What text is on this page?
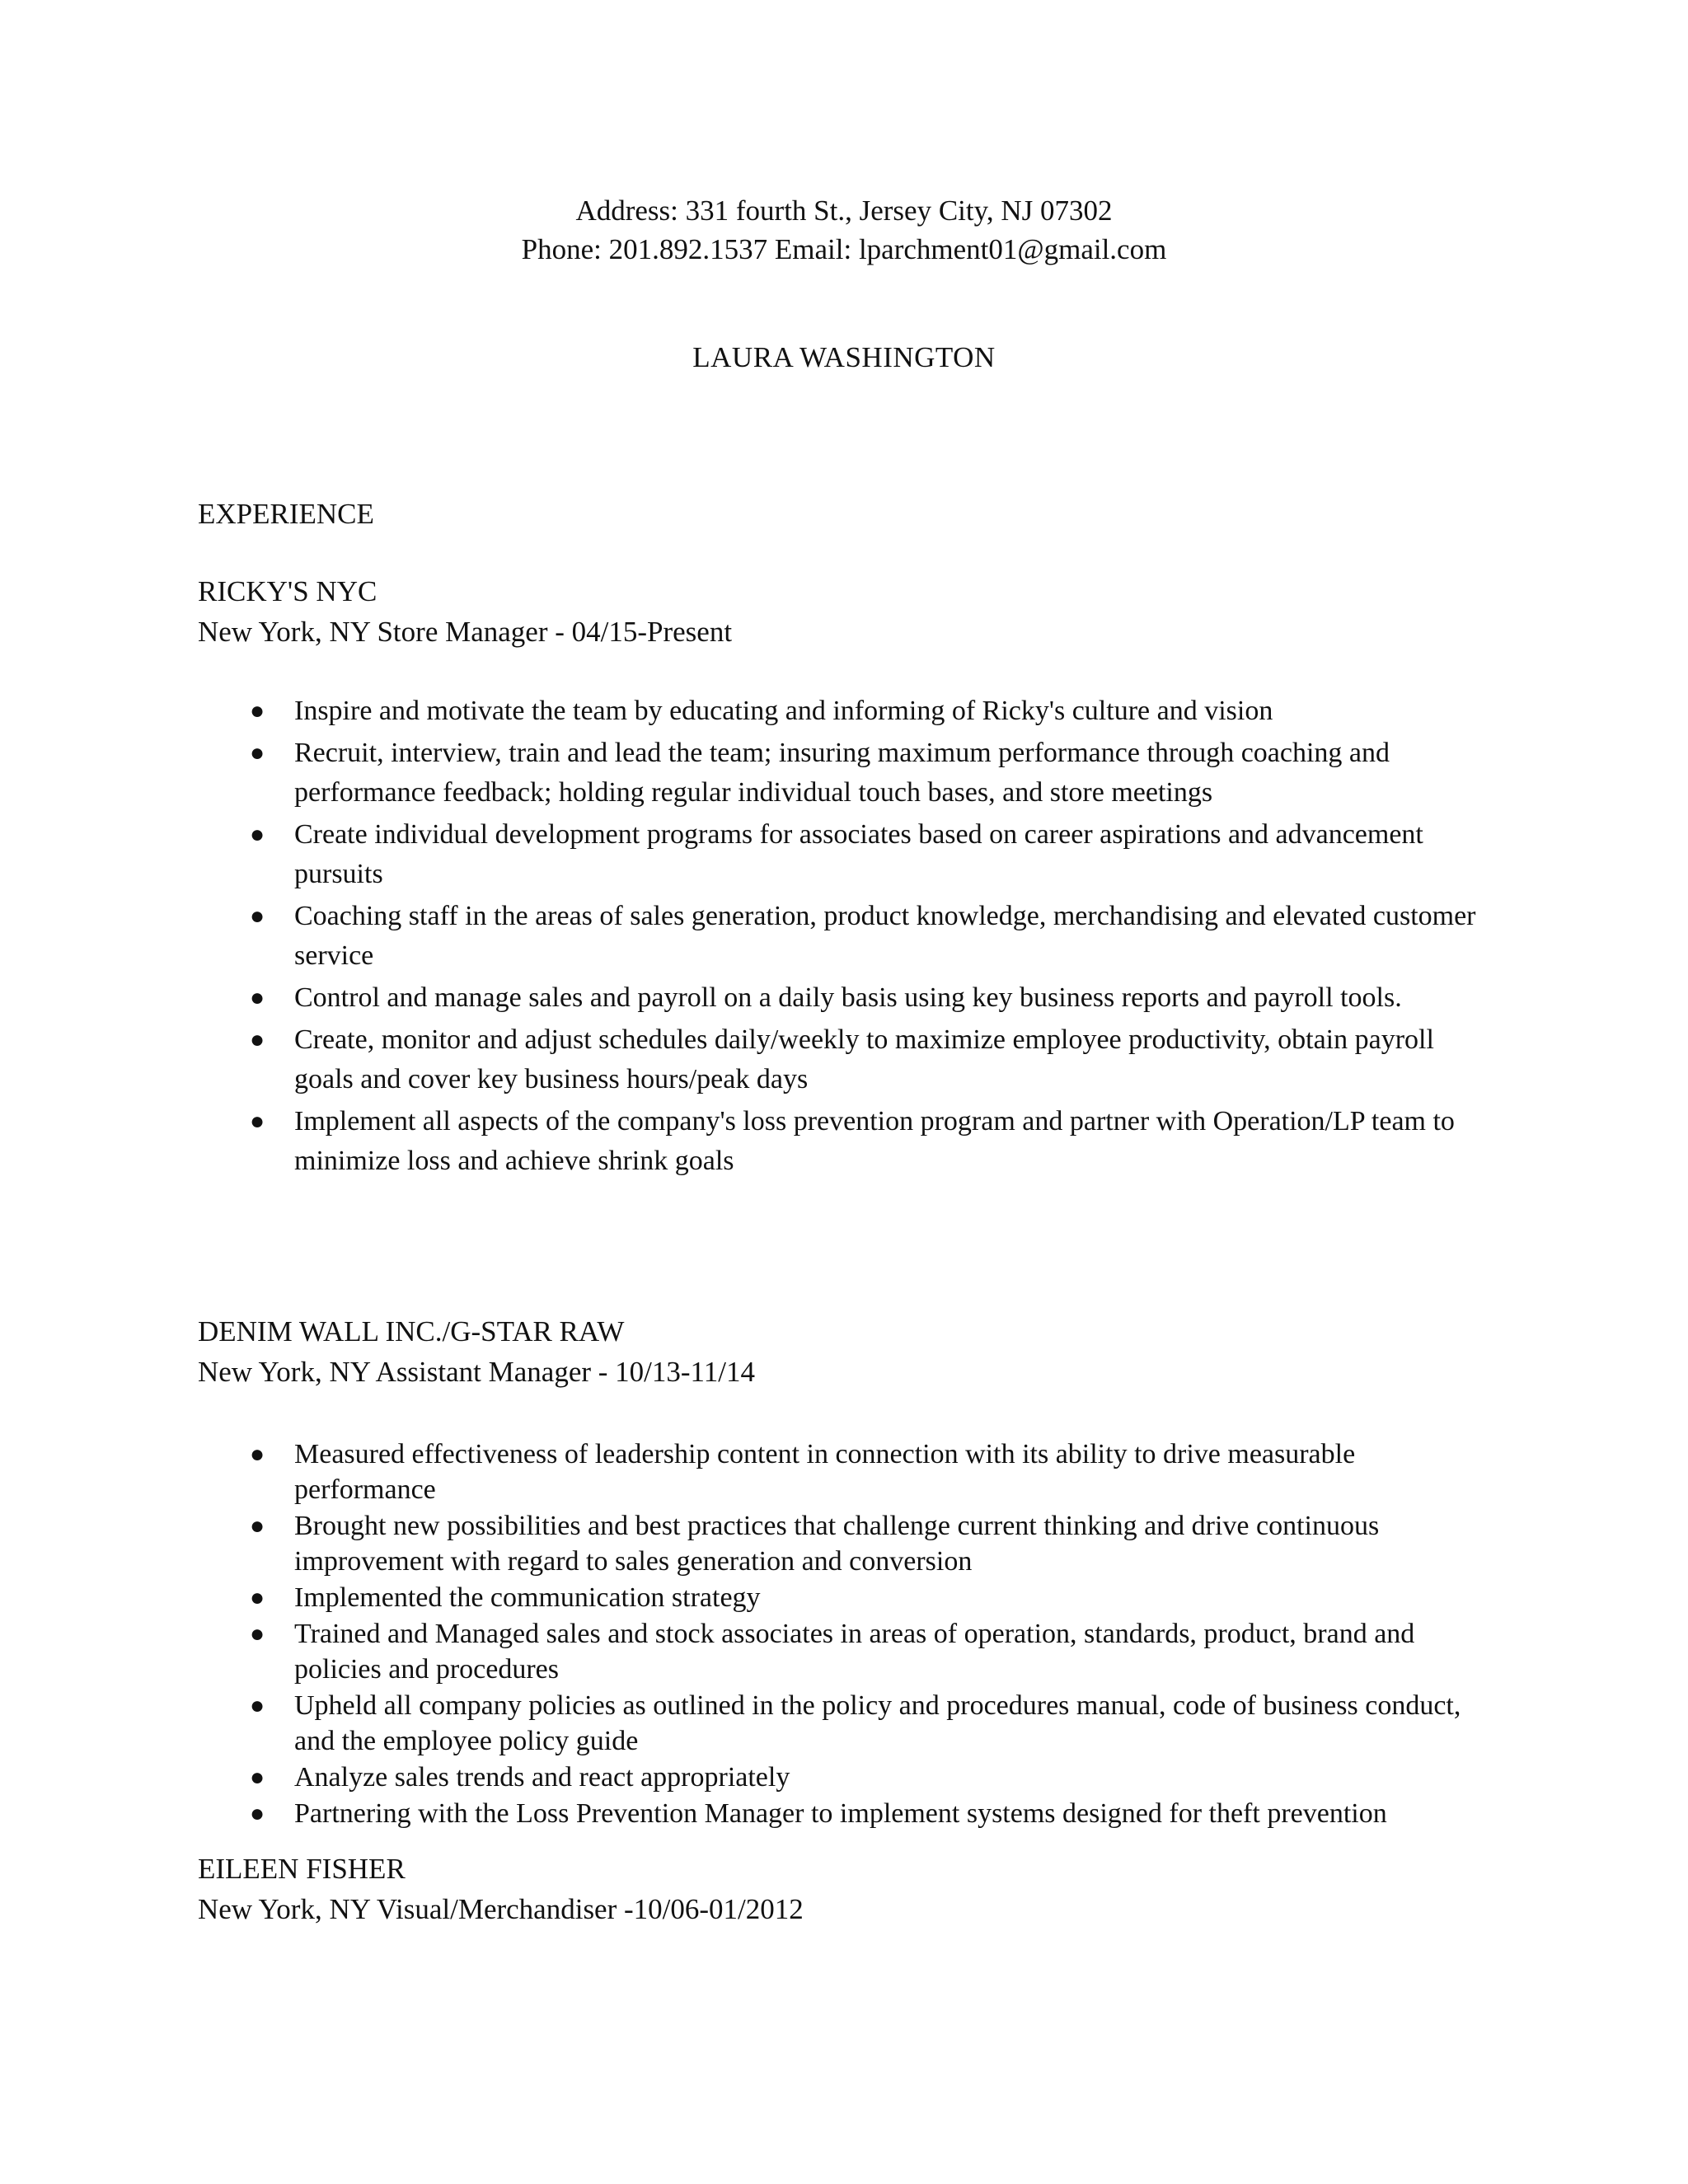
Address: 331 fourth St., Jersey City, NJ 07302
Phone: 201.892.1537 Email: lparchment01@gmail.com
LAURA WASHINGTON
EXPERIENCE
RICKY'S NYC
New York, NY Store Manager - 04/15-Present
● Inspire and motivate the team by educating and informing of Ricky's culture and vision
● Recruit, interview, train and lead the team; insuring maximum performance through coaching and performance feedback; holding regular individual touch bases, and store meetings
● Create individual development programs for associates based on career aspirations and advancement pursuits
● Coaching staff in the areas of sales generation, product knowledge, merchandising and elevated customer service
● Control and manage sales and payroll on a daily basis using key business reports and payroll tools.
● Create, monitor and adjust schedules daily/weekly to maximize employee productivity, obtain payroll goals and cover key business hours/peak days
● Implement all aspects of the company's loss prevention program and partner with Operation/LP team to minimize loss and achieve shrink goals
DENIM WALL INC./G-STAR RAW
New York, NY Assistant Manager - 10/13-11/14
● Measured effectiveness of leadership content in connection with its ability to drive measurable performance
● Brought new possibilities and best practices that challenge current thinking and drive continuous improvement with regard to sales generation and conversion
● Implemented the communication strategy
● Trained and Managed sales and stock associates in areas of operation, standards, product, brand and policies and procedures
● Upheld all company policies as outlined in the policy and procedures manual, code of business conduct, and the employee policy guide
● Analyze sales trends and react appropriately
● Partnering with the Loss Prevention Manager to implement systems designed for theft prevention
EILEEN FISHER
New York, NY Visual/Merchandiser -10/06-01/2012
